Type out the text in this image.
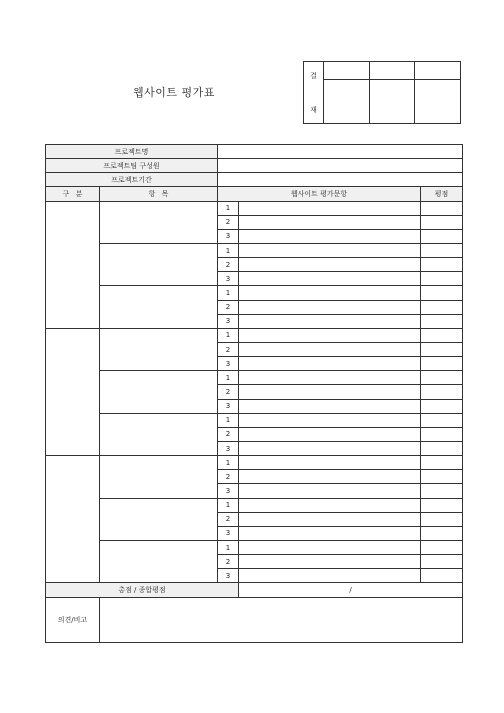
웹사이트 평가표
결
재			

프로젝트명				
프로젝트팀 구성원				
프로젝트기간				
구 분	항 목	웹사이트 평가문항		평점
		1		
		2		
		3		
		1		
		2		
		3		
		1		
		2		
		3		
		1		
		2		
		3		
		1		
		2		
		3		
		1		
		2		
		3		
		1		
		2		
		3		
		1		
		2		
		3		
		1		
		2		
		3		
총점 / 종합평점			/	
의견/비고				
